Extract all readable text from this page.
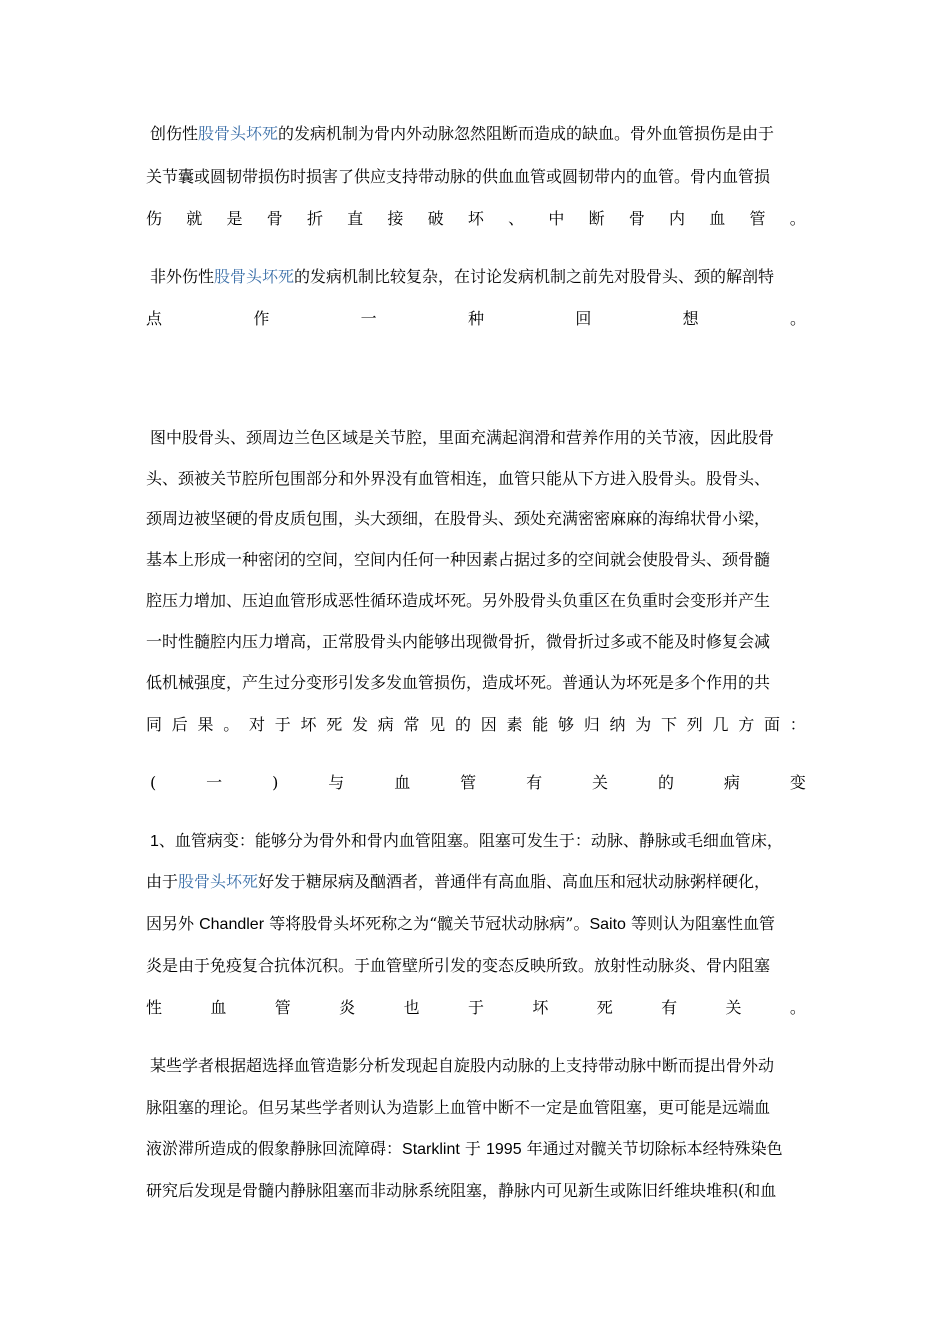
创伤性股骨头坏死的发病机制为骨内外动脉忽然阻断而造成的缺血。骨外血管损伤是由于
关节囊或圆韧带损伤时损害了供应支持带动脉的供血血管或圆韧带内的血管。骨内血管损
伤 就 是 骨 折 直 接 破 坏 、 中 断 骨 内 血 管 。
非外伤性股骨头坏死的发病机制比较复杂，在讨论发病机制之前先对股骨头、颈的解剖特
点	作	一	种	回	想	。
图中股骨头、颈周边兰色区域是关节腔，里面充满起润滑和营养作用的关节液，因此股骨
头、颈被关节腔所包围部分和外界没有血管相连，血管只能从下方进入股骨头。股骨头、
颈周边被坚硬的骨皮质包围，头大颈细，在股骨头、颈处充满密密麻麻的海绵状骨小梁，
基本上形成一种密闭的空间，空间内任何一种因素占据过多的空间就会使股骨头、颈骨髓
腔压力增加、压迫血管形成恶性循环造成坏死。另外股骨头负重区在负重时会变形并产生
一时性髓腔内压力增高，正常股骨头内能够出现微骨折，微骨折过多或不能及时修复会减
低机械强度，产生过分变形引发多发血管损伤，造成坏死。普通认为坏死是多个作用的共
同 后 果 。 对 于 坏 死 发 病 常 见 的 因 素 能 够 归 纳 为 下 列 几 方 面 ：
(	一	)	与	血	管	有	关	的	病	变
1、血管病变：能够分为骨外和骨内血管阻塞。阻塞可发生于：动脉、静脉或毛细血管床，
由于股骨头坏死好发于糖尿病及酗酒者，普通伴有高血脂、高血压和冠状动脉粥样硬化，
因另外 Chandler 等将股骨头坏死称之为“髋关节冠状动脉病”。Saito 等则认为阻塞性血管
炎是由于免疫复合抗体沉积。于血管壁所引发的变态反映所致。放射性动脉炎、骨内阻塞
性	血	管	炎	也	于	坏	死	有	关	。
某些学者根据超选择血管造影分析发现起自旋股内动脉的上支持带动脉中断而提出骨外动
脉阻塞的理论。但另某些学者则认为造影上血管中断不一定是血管阻塞，更可能是远端血
液淤滞所造成的假象静脉回流障碍：Starklint 于 1995 年通过对髋关节切除标本经特殊染色
研究后发现是骨髓内静脉阻塞而非动脉系统阻塞，静脉内可见新生或陈旧纤维块堆积(和血
